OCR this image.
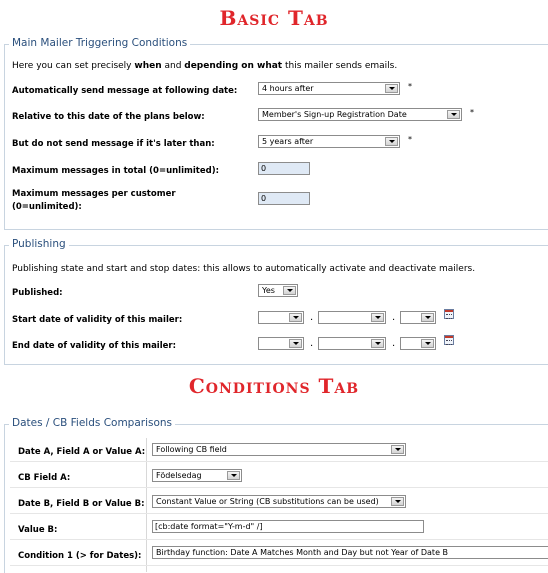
Basic Tab
Main Mailer Triggering Conditions
Here you can set precisely when and depending on what this mailer sends emails.
Automatically send message at following date:	4 hours after	*
Relative to this date of the plans below:	Member's Sign-up Registration Date	*
But do not send message if it's later than:	5 years after	*
Maximum messages in total (0=unlimited):	0
Maximum messages per customer
(0=unlimited):
0
Publishing
Publishing state and start and stop dates: this allows to automatically activate and deactivate mailers.
Published:	Yes
Start date of validity of this mailer:	.	.
End date of validity of this mailer:	.	.
Conditions Tab
Dates / CB Fields Comparisons
Date A, Field A or Value A:	Following CB field
CB Field A:	Födelsedag
Date B, Field B or Value B:	Constant Value or String (CB substitutions can be used)
Value B:	[cb:date format="Y-m-d" /]
Condition 1 (> for Dates):	Birthday function: Date A Matches Month and Day but not Year of Date B
